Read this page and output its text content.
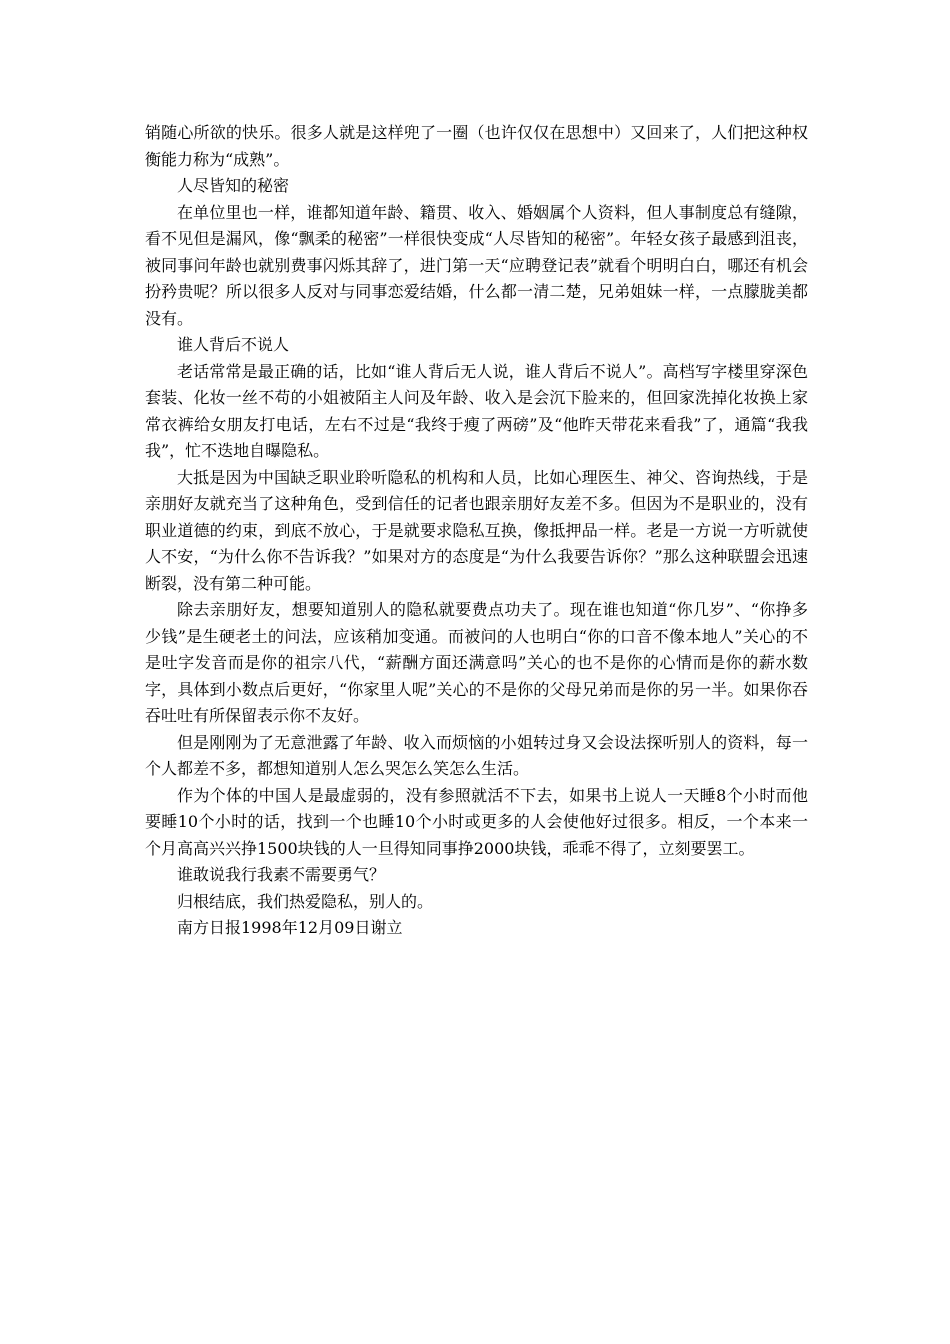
销随心所欲的快乐。很多人就是这样兜了一圈（也许仅仅在思想中）又回来了，人们把这种权衡能力称为“成熟”。

人尽皆知的秘密

在单位里也一样，谁都知道年龄、籍贯、收入、婚姻属个人资料，但人事制度总有缝隙，看不见但是漏风，像“飘柔的秘密”一样很快变成“人尽皆知的秘密”。年轻女孩子最感到沮丧，被同事问年龄也就别费事闪烁其辞了，进门第一天“应聘登记表”就看个明明白白，哪还有机会扮矜贵呢？所以很多人反对与同事恋爱结婚，什么都一清二楚，兄弟姐妹一样，一点朦胧美都没有。

谁人背后不说人

老话常常是最正确的话，比如“谁人背后无人说，谁人背后不说人”。高档写字楼里穿深色套装、化妆一丝不苟的小姐被陌主人问及年龄、收入是会沉下脸来的，但回家洗掉化妆换上家常衣裤给女朋友打电话，左右不过是“我终于瘦了两磅”及“他昨天带花来看我”了，通篇“我我我”，忙不迭地自曝隐私。

大抵是因为中国缺乏职业聆听隐私的机构和人员，比如心理医生、神父、咨询热线，于是亲朋好友就充当了这种角色，受到信任的记者也跟亲朋好友差不多。但因为不是职业的，没有职业道德的约束，到底不放心，于是就要求隐私互换，像抵押品一样。老是一方说一方听就使人不安，“为什么你不告诉我？”如果对方的态度是“为什么我要告诉你？”那么这种联盟会迅速断裂，没有第二种可能。

除去亲朋好友，想要知道别人的隐私就要费点功夫了。现在谁也知道“你几岁”、“你挣多少钱”是生硬老土的问法，应该稍加变通。而被问的人也明白“你的口音不像本地人”关心的不是吐字发音而是你的祖宗八代，“薪酬方面还满意吗”关心的也不是你的心情而是你的薪水数字，具体到小数点后更好，“你家里人呢”关心的不是你的父母兄弟而是你的另一半。如果你吞吞吐吐有所保留表示你不友好。

但是刚刚为了无意泄露了年龄、收入而烦恼的小姐转过身又会设法探听别人的资料，每一个人都差不多，都想知道别人怎么哭怎么笑怎么生活。

作为个体的中国人是最虚弱的，没有参照就活不下去，如果书上说人一天睡8个小时而他要睡10个小时的话，找到一个也睡10个小时或更多的人会使他好过很多。相反，一个本来一个月高高兴兴挣1500块钱的人一旦得知同事挣2000块钱，乖乖不得了，立刻要罢工。

谁敢说我行我素不需要勇气？

归根结底，我们热爱隐私，别人的。

南方日报1998年12月09日谢立
